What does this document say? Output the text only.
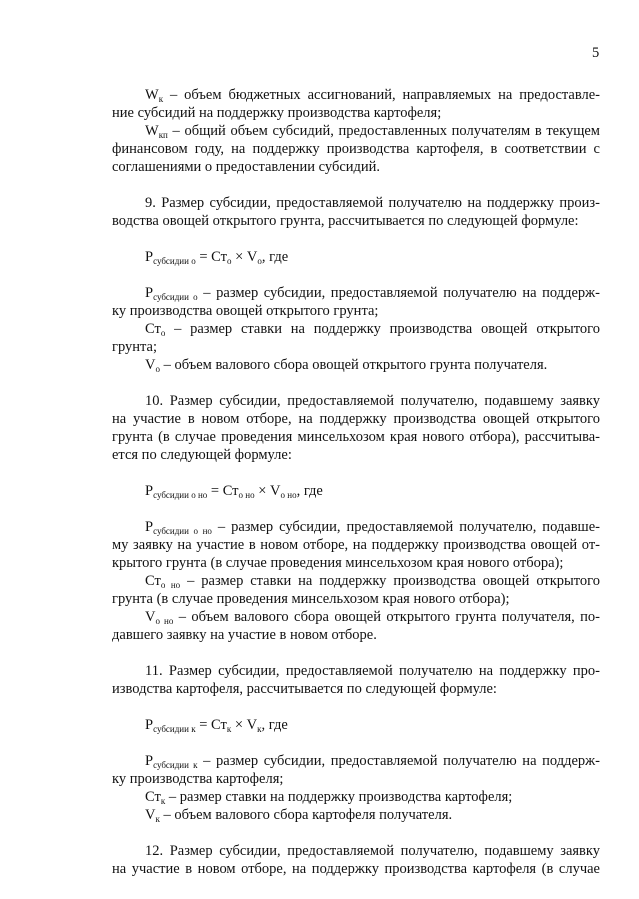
5
$W_к$ – объем бюджетных ассигнований, направляемых на предоставле-
ние субсидий на поддержку производства картофеля;
$W_{кп}$ – общий объем субсидий, предоставленных получателям в текущем
финансовом году, на поддержку производства картофеля, в соответствии с
соглашениями о предоставлении субсидий.
9. Размер субсидии, предоставляемой получателю на поддержку произ-
водства овощей открытого грунта, рассчитывается по следующей формуле:
$P_{субсидии о} = Ст_о \times V_о$, где
$P_{субсидии о}$ – размер субсидии, предоставляемой получателю на поддерж-
ку производства овощей открытого грунта;
$Ст_о$ – размер ставки на поддержку производства овощей открытого
грунта;
$V_о$ – объем валового сбора овощей открытого грунта получателя.
10. Размер субсидии, предоставляемой получателю, подавшему заявку
на участие в новом отборе, на поддержку производства овощей открытого
грунта (в случае проведения минсельхозом края нового отбора), рассчитыва-
ется по следующей формуле:
$P_{субсидии о но} = Ст_{о но} \times V_{о но}$, где
$P_{субсидии о но}$ – размер субсидии, предоставляемой получателю, подавше-
му заявку на участие в новом отборе, на поддержку производства овощей от-
крытого грунта (в случае проведения минсельхозом края нового отбора);
$Ст_{о но}$ – размер ставки на поддержку производства овощей открытого
грунта (в случае проведения минсельхозом края нового отбора);
$V_{о но}$ – объем валового сбора овощей открытого грунта получателя, по-
давшего заявку на участие в новом отборе.
11. Размер субсидии, предоставляемой получателю на поддержку про-
изводства картофеля, рассчитывается по следующей формуле:
$P_{субсидии к} = Ст_к \times V_к$, где
$P_{субсидии к}$ – размер субсидии, предоставляемой получателю на поддерж-
ку производства картофеля;
$Ст_к$ – размер ставки на поддержку производства картофеля;
$V_к$ – объем валового сбора картофеля получателя.
12. Размер субсидии, предоставляемой получателю, подавшему заявку
на участие в новом отборе, на поддержку производства картофеля (в случае
